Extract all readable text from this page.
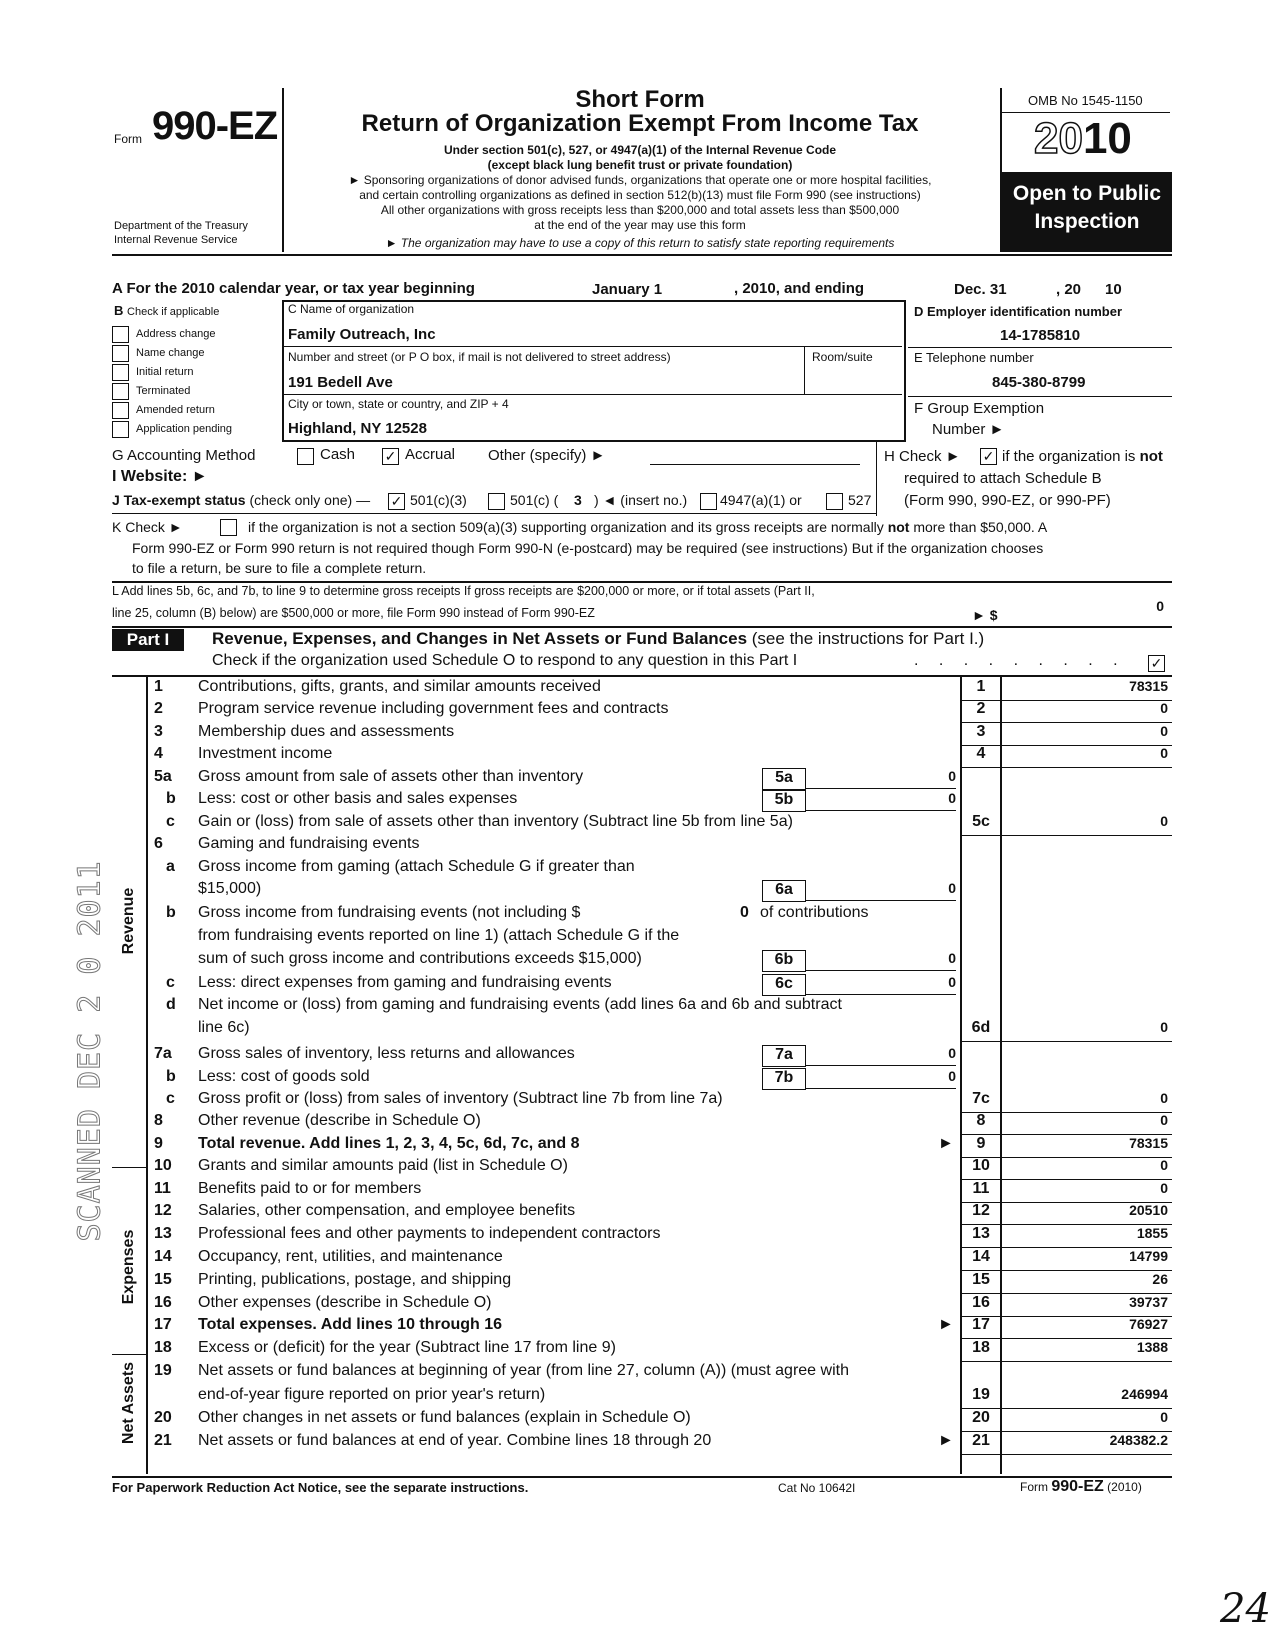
Form 990-EZ
Department of the Treasury
Internal Revenue Service
Short Form
Return of Organization Exempt From Income Tax
Under section 501(c), 527, or 4947(a)(1) of the Internal Revenue Code
(except black lung benefit trust or private foundation)
► Sponsoring organizations of donor advised funds, organizations that operate one or more hospital facilities,
and certain controlling organizations as defined in section 512(b)(13) must file Form 990 (see instructions)
All other organizations with gross receipts less than $200,000 and total assets less than $500,000
at the end of the year may use this form
► The organization may have to use a copy of this return to satisfy state reporting requirements
OMB No 1545-1150
2010
Open to Public
Inspection
A For the 2010 calendar year, or tax year beginning	January 1	, 2010, and ending	Dec. 31	, 20 10
B Check if applicable
Address change
Name change
Initial return
Terminated
Amended return
Application pending
C Name of organization
Family Outreach, Inc
Number and street (or P O box, if mail is not delivered to street address)	Room/suite
191 Bedell Ave
City or town, state or country, and ZIP + 4
Highland, NY 12528
D Employer identification number
14-1785810
E Telephone number
845-380-8799
F Group Exemption
Number ►
G Accounting Method	Cash ✓ Accrual Other (specify) ►	H Check ► ✓ if the organization is not
required to attach Schedule B
(Form 990, 990-EZ, or 990-PF)
I Website: ►
J Tax-exempt status (check only one) — ✓ 501(c)(3)	501(c) ( 3 ) ◄ (insert no.) 4947(a)(1) or	527
K Check ►	if the organization is not a section 509(a)(3) supporting organization and its gross receipts are normally not more than $50,000. A
Form 990-EZ or Form 990 return is not required though Form 990-N (e-postcard) may be required (see instructions) But if the organization chooses
to file a return, be sure to file a complete return.
L Add lines 5b, 6c, and 7b, to line 9 to determine gross receipts If gross receipts are $200,000 or more, or if total assets (Part II,
line 25, column (B) below) are $500,000 or more, file Form 990 instead of Form 990-EZ	► $
0
Part I	Revenue, Expenses, and Changes in Net Assets or Fund Balances (see the instructions for Part I.)
Check if the organization used Schedule O to respond to any question in this Part I	. . . . . . . . . ✓
Revenue
Expenses
Net Assets
1	Contributions, gifts, grants, and similar amounts received	1	78315
2	Program service revenue including government fees and contracts	2	0
3	Membership dues and assessments	3	0
4	Investment income	4	0
5a	Gross amount from sale of assets other than inventory	5a	0
b Less: cost or other basis and sales expenses	5b	0
c Gain or (loss) from sale of assets other than inventory (Subtract line 5b from line 5a)	5c	0
6	Gaming and fundraising events
a Gross income from gaming (attach Schedule G if greater than
$15,000)	6a	0
b Gross income from fundraising events (not including $	0 of contributions
from fundraising events reported on line 1) (attach Schedule G if the
sum of such gross income and contributions exceeds $15,000)	6b	0
c Less: direct expenses from gaming and fundraising events	6c	0
d Net income or (loss) from gaming and fundraising events (add lines 6a and 6b and subtract
line 6c)	6d	0
7a	Gross sales of inventory, less returns and allowances	7a	0
b Less: cost of goods sold	7b	0
c Gross profit or (loss) from sales of inventory (Subtract line 7b from line 7a)	7c	0
8	Other revenue (describe in Schedule O)	8	0
9	Total revenue. Add lines 1, 2, 3, 4, 5c, 6d, 7c, and 8	►	9	78315
10	Grants and similar amounts paid (list in Schedule O)	10	0
11	Benefits paid to or for members	11	0
12	Salaries, other compensation, and employee benefits	12	20510
13	Professional fees and other payments to independent contractors	13	1855
14	Occupancy, rent, utilities, and maintenance	14	14799
15	Printing, publications, postage, and shipping	15	26
16	Other expenses (describe in Schedule O)	16	39737
17	Total expenses. Add lines 10 through 16	►	17	76927
18	Excess or (deficit) for the year (Subtract line 17 from line 9)	18	1388
19	Net assets or fund balances at beginning of year (from line 27, column (A)) (must agree with
end-of-year figure reported on prior year's return)	19	246994
20	Other changes in net assets or fund balances (explain in Schedule O)	20	0
21	Net assets or fund balances at end of year. Combine lines 18 through 20	►	21	248382.2
For Paperwork Reduction Act Notice, see the separate instructions.	Cat No 10642I	Form 990-EZ (2010)
SCANNED DEC 2 0 2011
24
